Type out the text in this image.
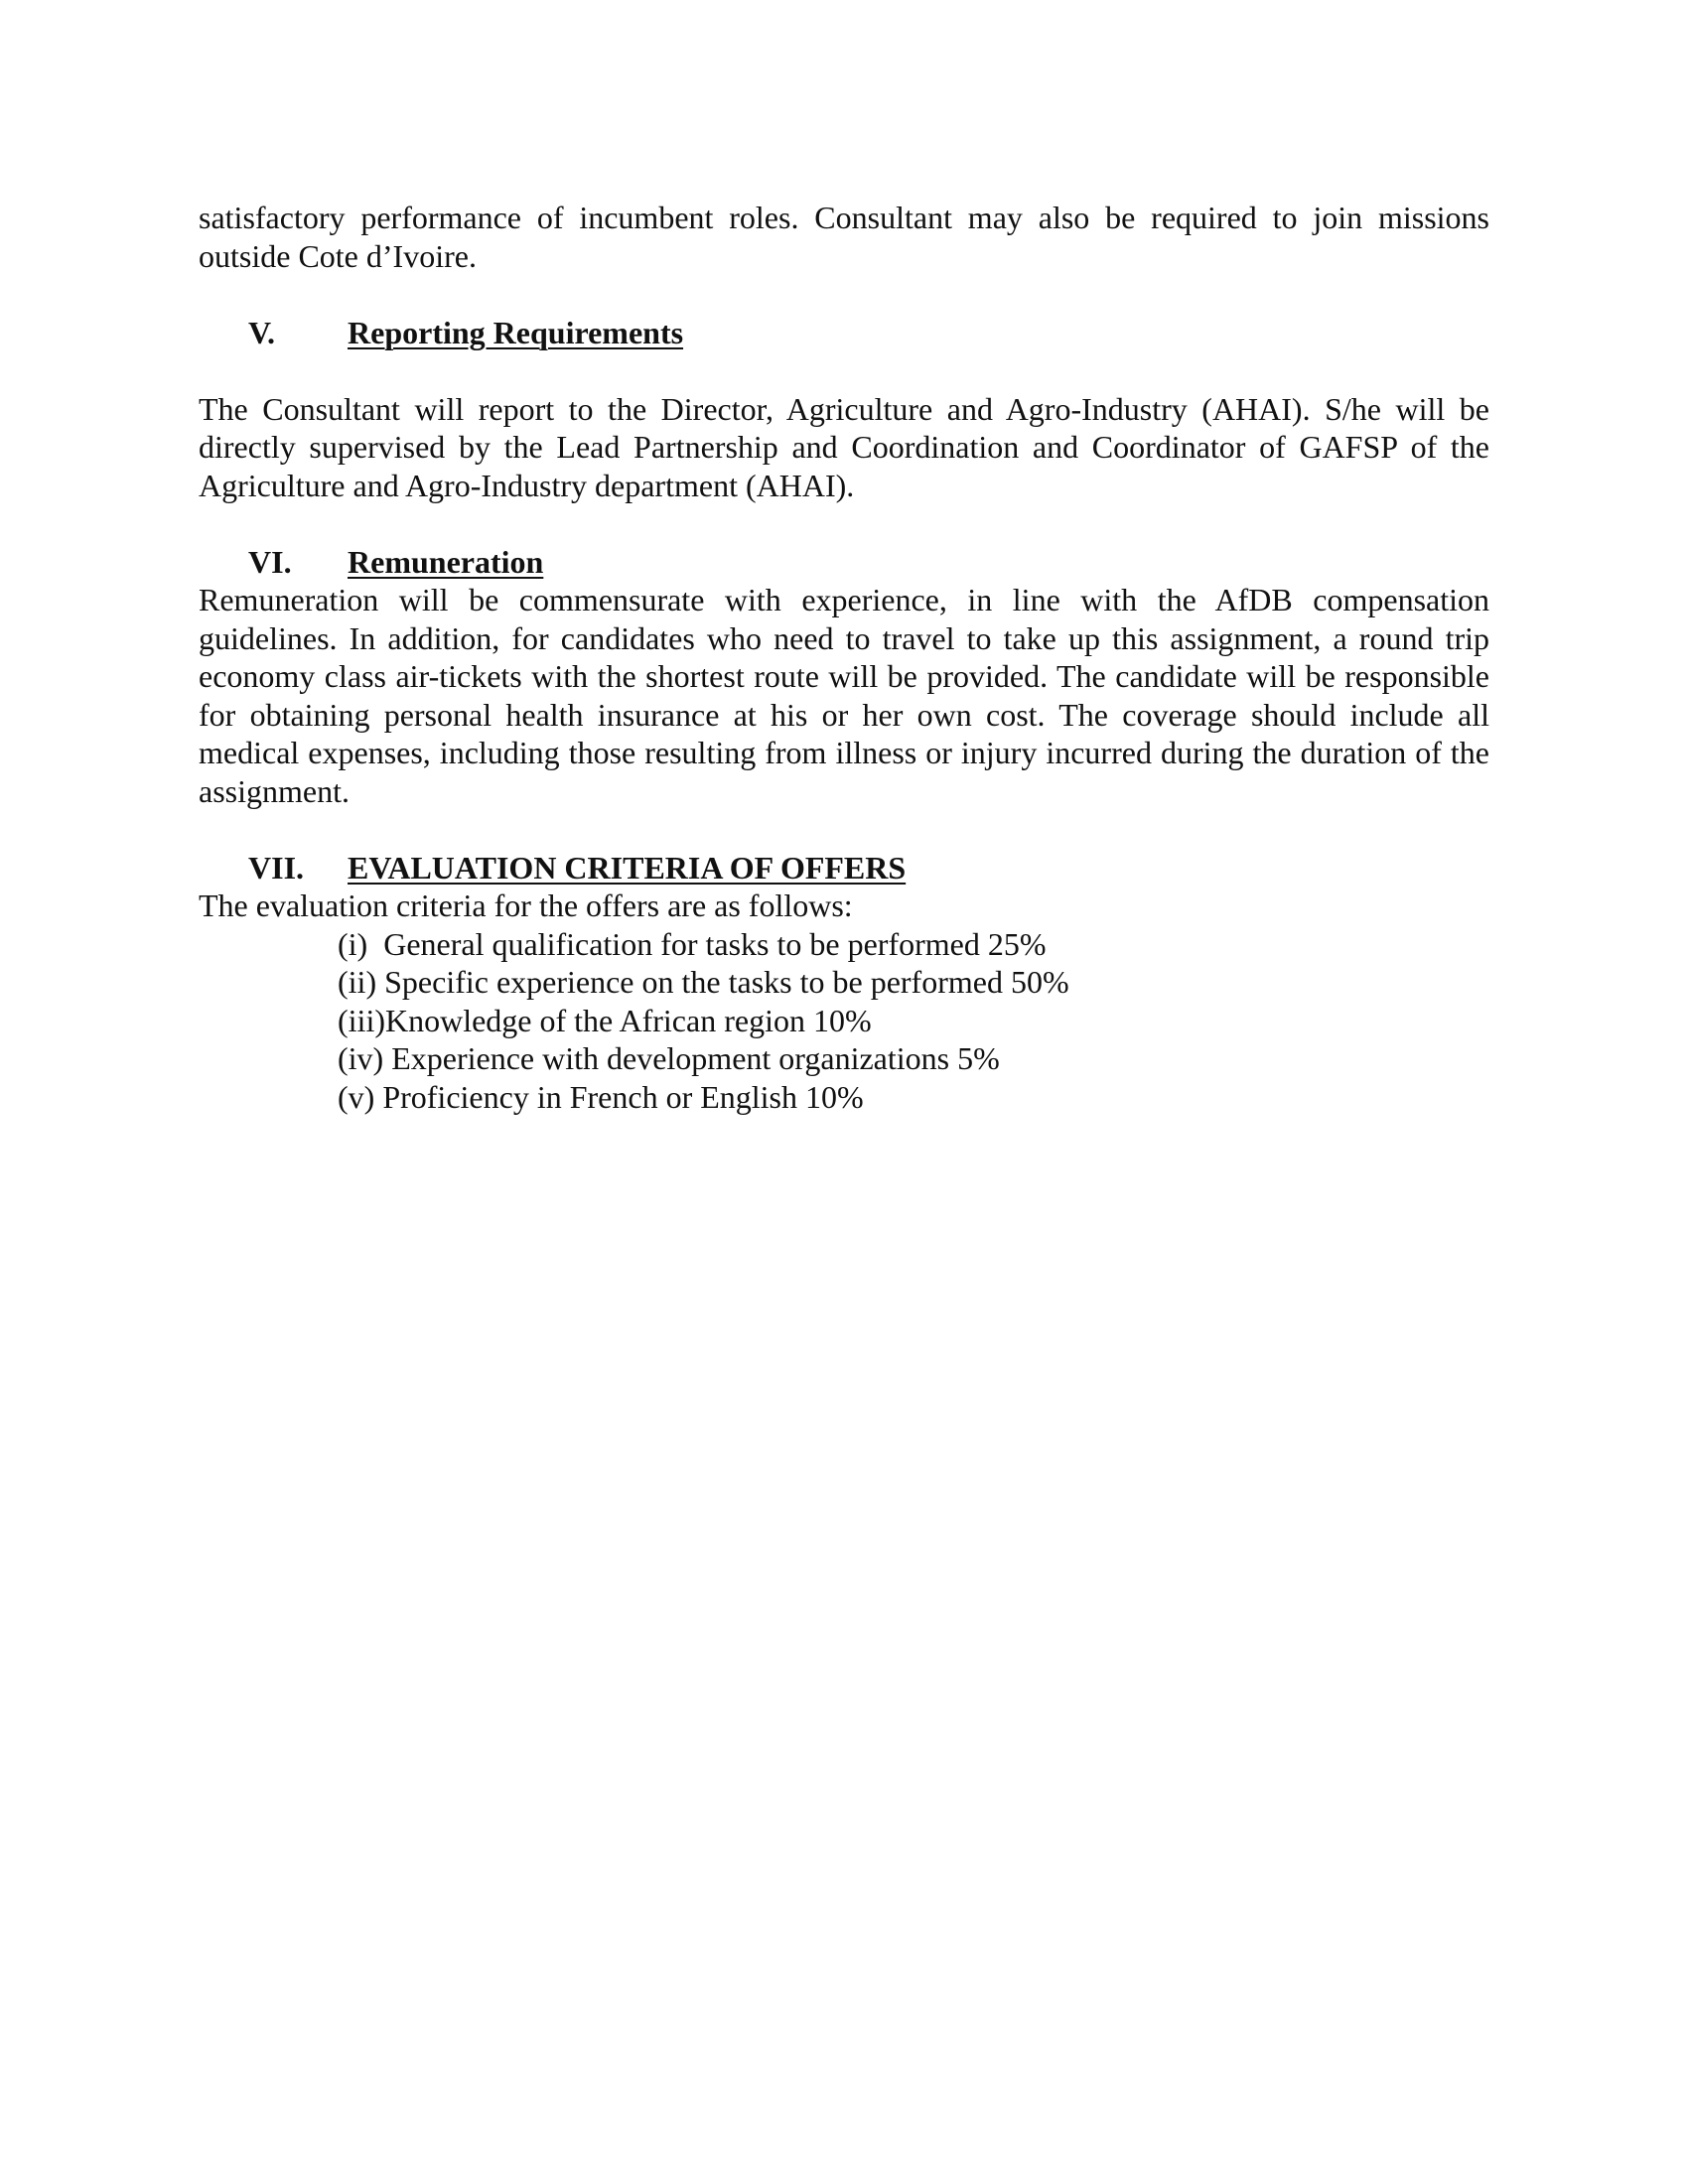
satisfactory performance of incumbent roles. Consultant may also be required to join missions outside Cote d’Ivoire.

V. Reporting Requirements

The Consultant will report to the Director, Agriculture and Agro-Industry (AHAI). S/he will be directly supervised by the Lead Partnership and Coordination and Coordinator of GAFSP of the Agriculture and Agro-Industry department (AHAI).

VI. Remuneration

Remuneration will be commensurate with experience, in line with the AfDB compensation guidelines. In addition, for candidates who need to travel to take up this assignment, a round trip economy class air-tickets with the shortest route will be provided. The candidate will be responsible for obtaining personal health insurance at his or her own cost. The coverage should include all medical expenses, including those resulting from illness or injury incurred during the duration of the assignment.

VII. EVALUATION CRITERIA OF OFFERS

The evaluation criteria for the offers are as follows:

(i) General qualification for tasks to be performed 25%
(ii) Specific experience on the tasks to be performed 50%
(iii)Knowledge of the African region 10%
(iv) Experience with development organizations 5%
(v) Proficiency in French or English 10%
